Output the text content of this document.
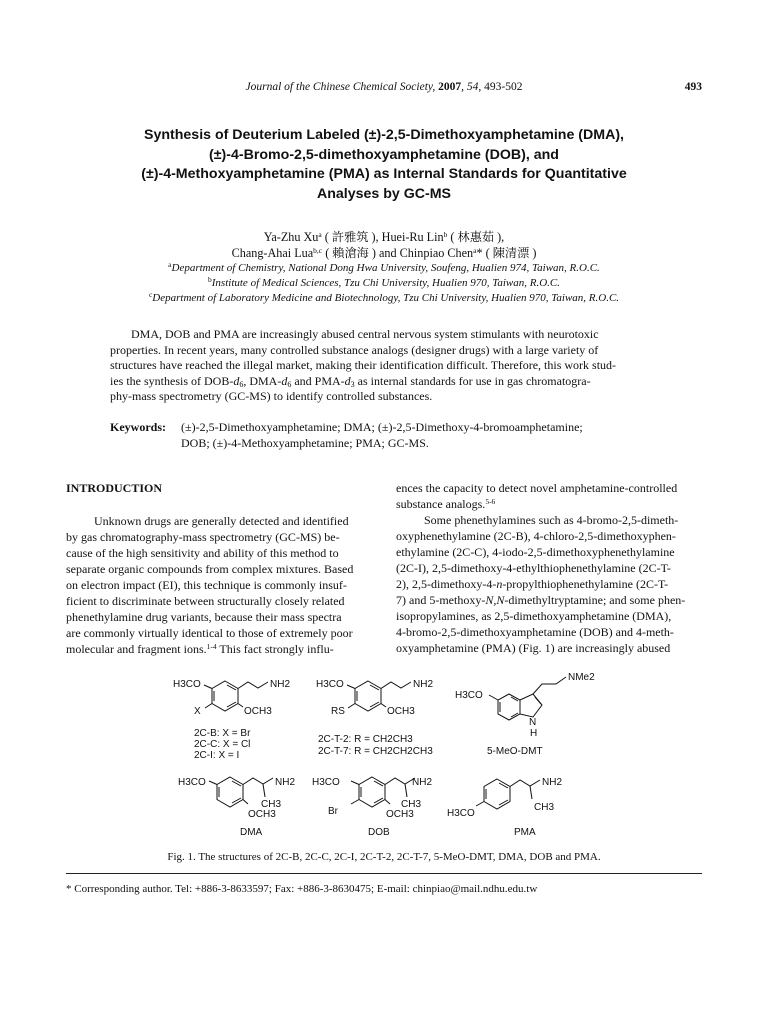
Journal of the Chinese Chemical Society, 2007, 54, 493-502	493
Synthesis of Deuterium Labeled (±)-2,5-Dimethoxyamphetamine (DMA),
(±)-4-Bromo-2,5-dimethoxyamphetamine (DOB), and
(±)-4-Methoxyamphetamine (PMA) as Internal Standards for Quantitative
Analyses by GC-MS
Ya-Zhu Xu$^a$ ( 許雅筑 ), Huei-Ru Lin$^b$ ( 林惠茹 ),
Chang-Ahai Lua$^{b,c}$ ( 賴滄海 ) and Chinpiao Chen$^a$* ( 陳清漂 )
$^a$Department of Chemistry, National Dong Hwa University, Soufeng, Hualien 974, Taiwan, R.O.C.
$^b$Institute of Medical Sciences, Tzu Chi University, Hualien 970, Taiwan, R.O.C.
$^c$Department of Laboratory Medicine and Biotechnology, Tzu Chi University, Hualien 970, Taiwan, R.O.C.
DMA, DOB and PMA are increasingly abused central nervous system stimulants with neurotoxic
properties. In recent years, many controlled substance analogs (designer drugs) with a large variety of
structures have reached the illegal market, making their identification difficult. Therefore, this work stud-
ies the synthesis of DOB-$d_6$, DMA-$d_6$ and PMA-$d_3$ as internal standards for use in gas chromatogra-
phy-mass spectrometry (GC-MS) to identify controlled substances.
Keywords: (±)-2,5-Dimethoxyamphetamine; DMA; (±)-2,5-Dimethoxy-4-bromoamphetamine;
DOB; (±)-4-Methoxyamphetamine; PMA; GC-MS.
INTRODUCTION

Unknown drugs are generally detected and identified

by gas chromatography-mass spectrometry (GC-MS) be-

cause of the high sensitivity and ability of this method to

separate organic compounds from complex mixtures. Based

on electron impact (EI), this technique is commonly insuf-

ficient to discriminate between structurally closely related

phenethylamine drug variants, because their mass spectra

are commonly virtually identical to those of extremely poor

molecular and fragment ions.$^{1-4}$ This fact strongly influ-

ences the capacity to detect novel amphetamine-controlled

substance analogs.$^{5-6}$

Some phenethylamines such as 4-bromo-2,5-dimeth-

oxyphenethylamine (2C-B), 4-chloro-2,5-dimethoxyphen-

ethylamine (2C-C), 4-iodo-2,5-dimethoxyphenethylamine

(2C-I), 2,5-dimethoxy-4-ethylthiophenethylamine (2C-T-

2), 2,5-dimethoxy-4-n-propylthiophenethylamine (2C-T-

7) and 5-methoxy-N,N-dimethyltryptamine; and some phen-

isopropylamines, as 2,5-dimethoxyamphetamine (DMA),

4-bromo-2,5-dimethoxyamphetamine (DOB) and 4-meth-

oxyamphetamine (PMA) (Fig. 1) are increasingly abused

H3CO	NH2
X	OCH3
2C-B: X = Br
2C-C: X = Cl
2C-I: X = I
H3CO	NH2
RS	OCH3
2C-T-2: R = CH2CH3
2C-T-7: R = CH2CH2CH3
H3CO
NMe2
N
H
5-MeO-DMT
H3CO	NH2
CH3
OCH3
DMA
H3CO	NH2
Br
CH3
OCH3
DOB
H3CO
NH2
CH3
PMA
Fig. 1. The structures of 2C-B, 2C-C, 2C-I, 2C-T-2, 2C-T-7, 5-MeO-DMT, DMA, DOB and PMA.
* Corresponding author. Tel: +886-3-8633597; Fax: +886-3-8630475; E-mail: chinpiao@mail.ndhu.edu.tw
